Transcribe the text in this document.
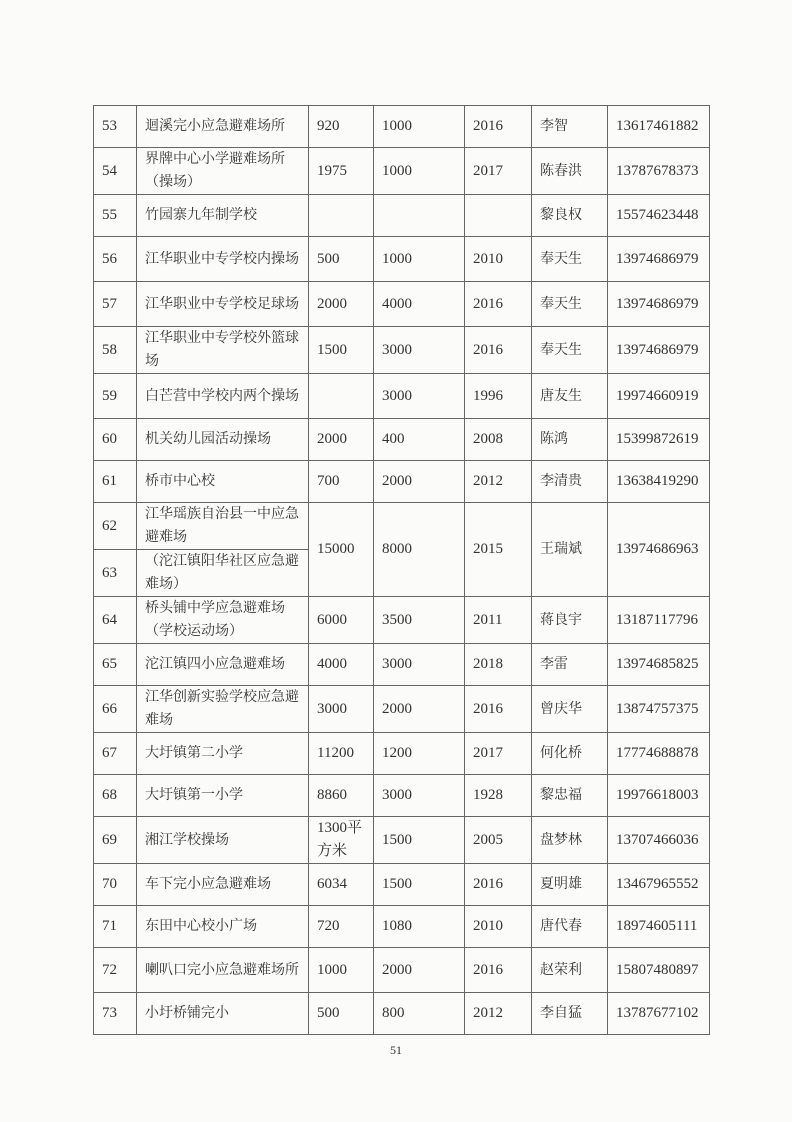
53	迴溪完小应急避难场所	920	1000	2016	李智	13617461882
54	界牌中心小学避难场所（操场）	1975	1000	2017	陈春洪	13787678373
55	竹园寨九年制学校				黎良权	15574623448
56	江华职业中专学校内操场	500	1000	2010	奉天生	13974686979
57	江华职业中专学校足球场	2000	4000	2016	奉天生	13974686979
58	江华职业中专学校外篮球场	1500	3000	2016	奉天生	13974686979
59	白芒营中学校内两个操场		3000	1996	唐友生	19974660919
60	机关幼儿园活动操场	2000	400	2008	陈鸿	15399872619
61	桥市中心校	700	2000	2012	李清贵	13638419290
62	江华瑶族自治县一中应急避难场	15000	8000	2015	王瑞斌	13974686963
63	（沱江镇阳华社区应急避难场）					
64	桥头铺中学应急避难场（学校运动场）	6000	3500	2011	蒋良宇	13187117796
65	沱江镇四小应急避难场	4000	3000	2018	李雷	13974685825
66	江华创新实验学校应急避难场	3000	2000	2016	曾庆华	13874757375
67	大圩镇第二小学	11200	1200	2017	何化桥	17774688878
68	大圩镇第一小学	8860	3000	1928	黎忠福	19976618003
69	湘江学校操场	1300平方米	1500	2005	盘梦林	13707466036
70	车下完小应急避难场	6034	1500	2016	夏明雄	13467965552
71	东田中心校小广场	720	1080	2010	唐代春	18974605111
72	喇叭口完小应急避难场所	1000	2000	2016	赵荣利	15807480897
73	小圩桥铺完小	500	800	2012	李自猛	13787677102
51
